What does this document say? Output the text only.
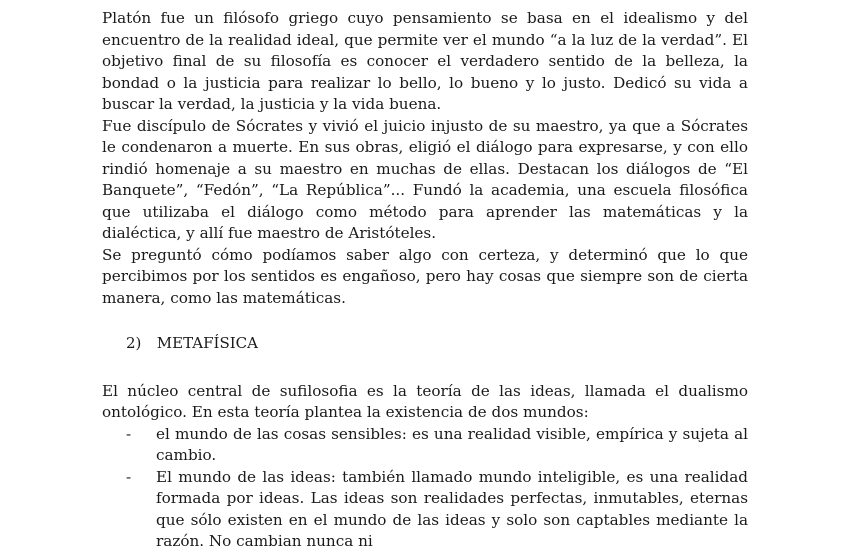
Platón fue un filósofo griego cuyo pensamiento se basa en el idealismo y del encuentro de la realidad ideal, que permite ver el mundo “a la luz de la verdad”. El objetivo final de su filosofía es conocer el verdadero sentido de la belleza, la bondad o la justicia para realizar lo bello, lo bueno y lo justo. Dedicó su vida a buscar la verdad, la justicia y la vida buena.

Fue discípulo de Sócrates y vivió el juicio injusto de su maestro, ya que a Sócrates le condenaron a muerte. En sus obras, eligió el diálogo para expresarse, y con ello rindió homenaje a su maestro en muchas de ellas. Destacan los diálogos de “El Banquete”, “Fedón”, “La República”... Fundó la academia, una escuela filosófica que utilizaba el diálogo como método para aprender las matemáticas y la dialéctica, y allí fue maestro de Aristóteles.

Se preguntó cómo podíamos saber algo con certeza, y determinó que lo que percibimos por los sentidos es engañoso, pero hay cosas que siempre son de cierta manera, como las matemáticas.

2) METAFÍSICA

El núcleo central de sufilosofia es la teoría de las ideas, llamada el dualismo ontológico. En esta teoría plantea la existencia de dos mundos:

- el mundo de las cosas sensibles: es una realidad visible, empírica y sujeta al cambio.
- El mundo de las ideas: también llamado mundo inteligible, es una realidad formada por ideas. Las ideas son realidades perfectas, inmutables, eternas que sólo existen en el mundo de las ideas y solo son captables mediante la razón. No cambian nunca ni
